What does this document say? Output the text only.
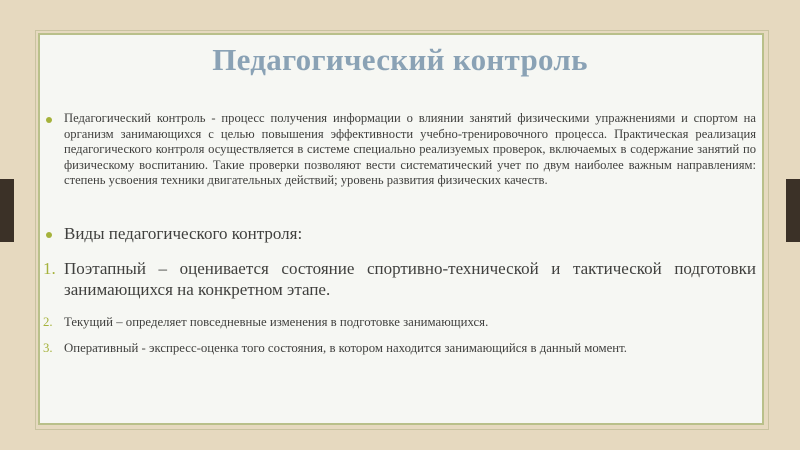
Педагогический контроль
Педагогический контроль - процесс получения информации о влиянии занятий физическими упражнениями и спортом на организм занимающихся с целью повышения эффективности учебно-тренировочного процесса. Практическая реализация педагогического контроля осуществляется в системе специально реализуемых проверок, включаемых в содержание занятий по физическому воспитанию. Такие проверки позволяют вести систематический учет по двум наиболее важным направлениям: степень усвоения техники двигательных действий; уровень развития физических качеств.
Виды педагогического контроля:
1. Поэтапный – оценивается состояние спортивно-технической и тактической подготовки занимающихся на конкретном этапе.
2. Текущий – определяет повседневные изменения в подготовке занимающихся.
3. Оперативный - экспресс-оценка того состояния, в котором находится занимающийся в данный момент.
